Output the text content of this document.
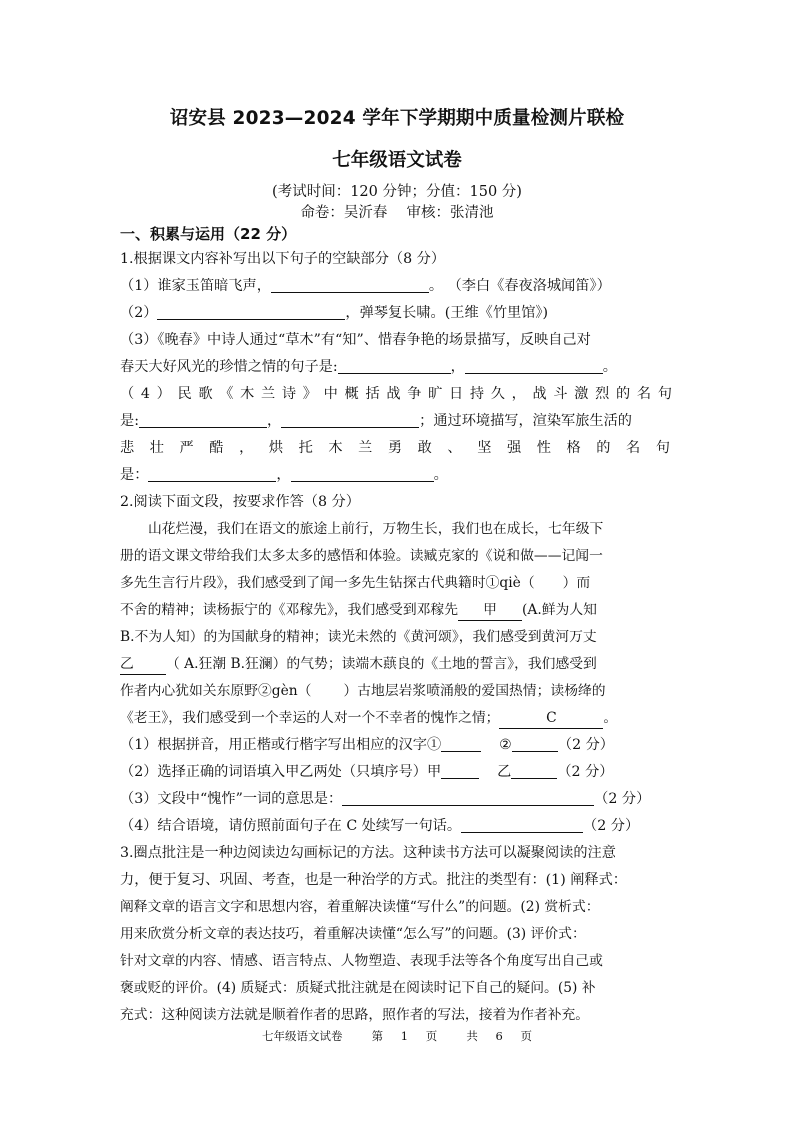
诏安县 2023—2024 学年下学期期中质量检测片联检
七年级语文试卷
(考试时间：120 分钟；分值：150 分)
命卷：吴沂春　 审核：张清池
一、积累与运用（22 分）
1.根据课文内容补写出以下句子的空缺部分（8 分）
（1）谁家玉笛暗飞声，	。 （李白《春夜洛城闻笛》）
（2）	，弹琴复长啸。(王维《竹里馆》)
（3）《晚春》中诗人通过“草木”有“知”、惜春争艳的场景描写，反映自己对
春天大好风光的珍惜之情的句子是:	，	。
（4）民歌《木兰诗》中概括战争旷日持久，战斗激烈的名句
是:	，	；通过环境描写，渲染军旅生活的
悲壮严酷，烘托木兰勇敢、坚强性格的名句
是：	，	。
2.阅读下面文段，按要求作答（8 分）
山花烂漫，我们在语文的旅途上前行，万物生长，我们也在成长，七年级下
册的语文课文带给我们太多太多的感悟和体验。读臧克家的《说和做——记闻一
多先生言行片段》，我们感受到了闻一多先生钻探古代典籍时①qiè（ ）而
不舍的精神；读杨振宁的《邓稼先》，我们感受到邓稼先 甲 (A.鲜为人知
B.不为人知）的为国献身的精神；读光未然的《黄河颂》，我们感受到黄河万丈
乙 （ A.狂潮 B.狂澜）的气势；读端木蕻良的《土地的誓言》，我们感受到
作者内心犹如关东原野②gèn（ ）古地层岩浆喷涌般的爱国热情；读杨绛的
《老王》，我们感受到一个幸运的人对一个不幸者的愧怍之情；	C	。
（1）根据拼音，用正楷或行楷字写出相应的汉字①	②	（2 分）
（2）选择正确的词语填入甲乙两处（只填序号）甲	乙	（2 分）
（3）文段中“愧怍”一词的意思是：	（2 分）
（4）结合语境，请仿照前面句子在 C 处续写一句话。	（2 分）
3.圈点批注是一种边阅读边勾画标记的方法。这种读书方法可以凝聚阅读的注意
力，便于复习、巩固、考查，也是一种治学的方式。批注的类型有：(1) 阐释式：
阐释文章的语言文字和思想内容，着重解决读懂“写什么”的问题。(2) 赏析式：
用来欣赏分析文章的表达技巧，着重解决读懂“怎么写”的问题。(3) 评价式：
针对文章的内容、情感、语言特点、人物塑造、表现手法等各个角度写出自己或
褒或贬的评价。(4) 质疑式：质疑式批注就是在阅读时记下自己的疑问。(5) 补
充式：这种阅读方法就是顺着作者的思路，照作者的写法，接着为作者补充。
七年级语文试卷　 第 1 页　 共 6 页
